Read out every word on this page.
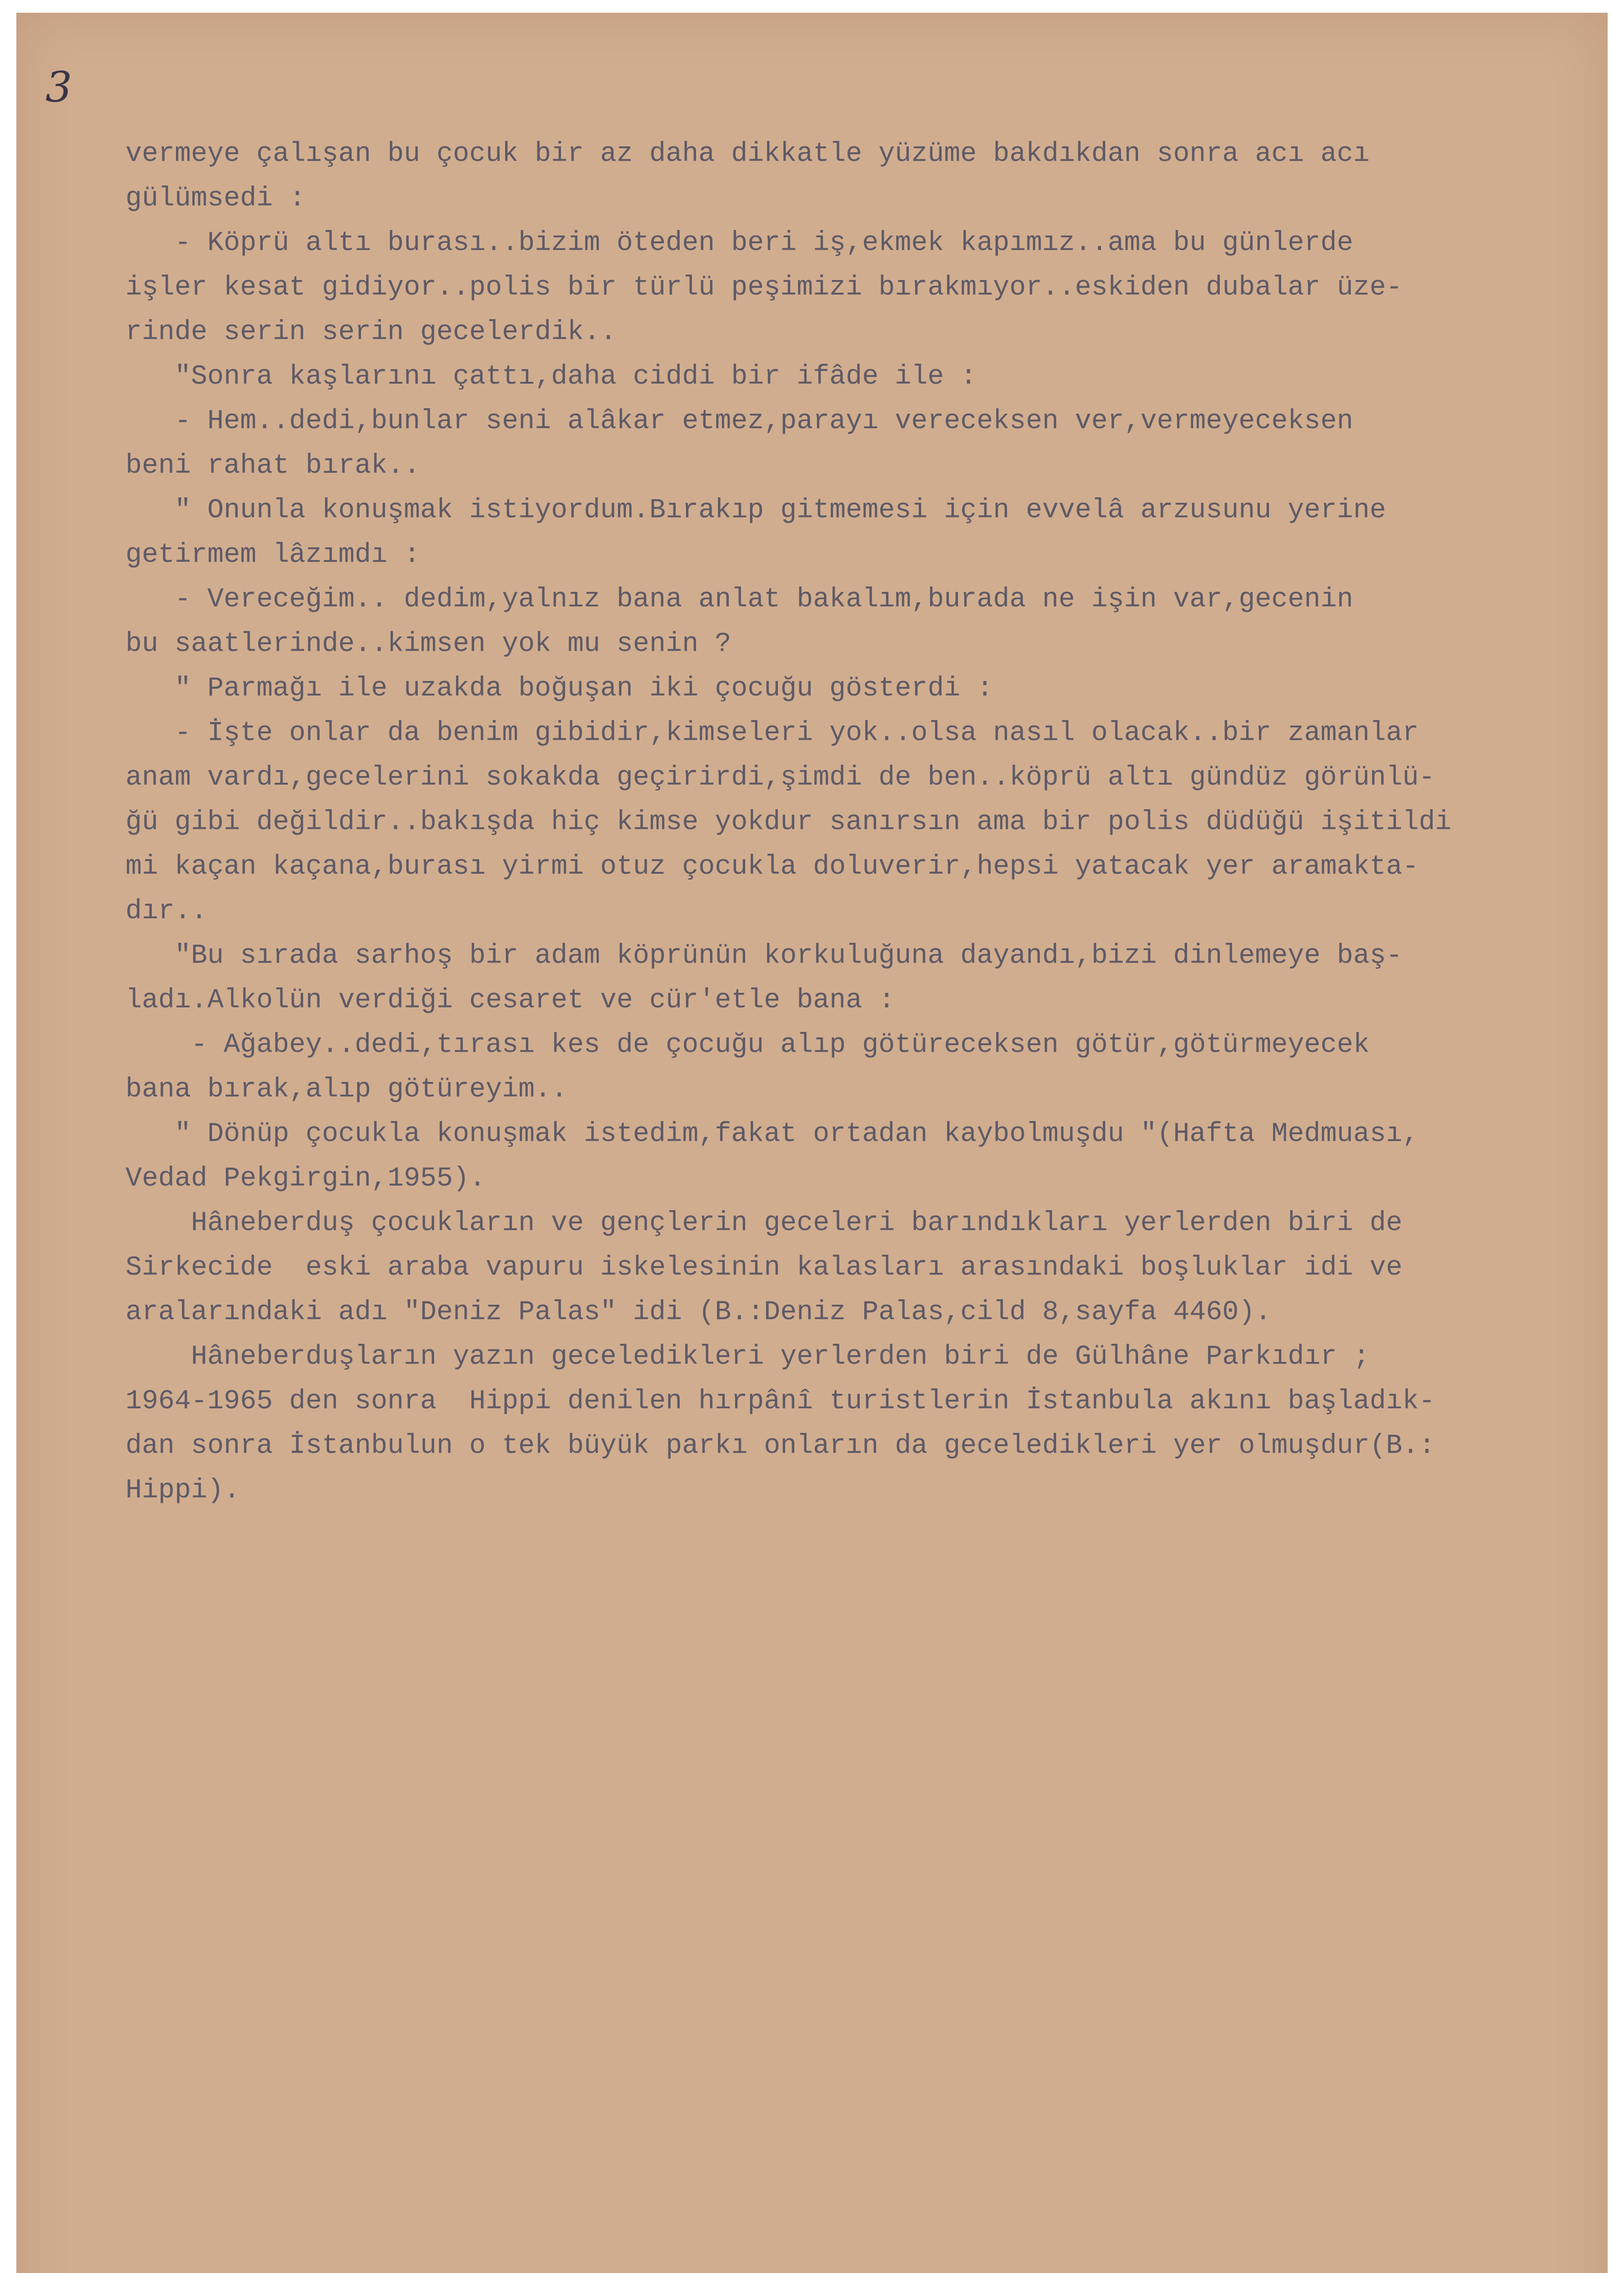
3
vermeye çalışan bu çocuk bir az daha dikkatle yüzüme bakdıkdan sonra acı acı
gülümsedi :
- Köprü altı burası..bizim öteden beri iş,ekmek kapımız..ama bu günlerde
işler kesat gidiyor..polis bir türlü peşimizi bırakmıyor..eskiden dubalar üze-
rinde serin serin gecelerdik..
"Sonra kaşlarını çattı,daha ciddi bir ifâde ile :
- Hem..dedi,bunlar seni alâkar etmez,parayı vereceksen ver,vermeyeceksen
beni rahat bırak..
" Onunla konuşmak istiyordum.Bırakıp gitmemesi için evvelâ arzusunu yerine
getirmem lâzımdı :
- Vereceğim.. dedim,yalnız bana anlat bakalım,burada ne işin var,gecenin
bu saatlerinde..kimsen yok mu senin ?
" Parmağı ile uzakda boğuşan iki çocuğu gösterdi :
- İşte onlar da benim gibidir,kimseleri yok..olsa nasıl olacak..bir zamanlar
anam vardı,gecelerini sokakda geçirirdi,şimdi de ben..köprü altı gündüz görünlü-
ğü gibi değildir..bakışda hiç kimse yokdur sanırsın ama bir polis düdüğü işitildi
mi kaçan kaçana,burası yirmi otuz çocukla doluverir,hepsi yatacak yer aramakta-
dır..
"Bu sırada sarhoş bir adam köprünün korkuluğuna dayandı,bizi dinlemeye baş-
ladı.Alkolün verdiği cesaret ve cür'etle bana :
- Ağabey..dedi,tırası kes de çocuğu alıp götüreceksen götür,götürmeyecek
bana bırak,alıp götüreyim..
" Dönüp çocukla konuşmak istedim,fakat ortadan kaybolmuşdu "(Hafta Medmuası,
Vedad Pekgirgin,1955).
Hâneberduş çocukların ve gençlerin geceleri barındıkları yerlerden biri de
Sirkecide  eski araba vapuru iskelesinin kalasları arasındaki boşluklar idi ve
aralarındaki adı "Deniz Palas" idi (B.:Deniz Palas,cild 8,sayfa 4460).
Hâneberduşların yazın geceledikleri yerlerden biri de Gülhâne Parkıdır ;
1964-1965 den sonra  Hippi denilen hırpânî turistlerin İstanbula akını başladık-
dan sonra İstanbulun o tek büyük parkı onların da geceledikleri yer olmuşdur(B.:
Hippi).
